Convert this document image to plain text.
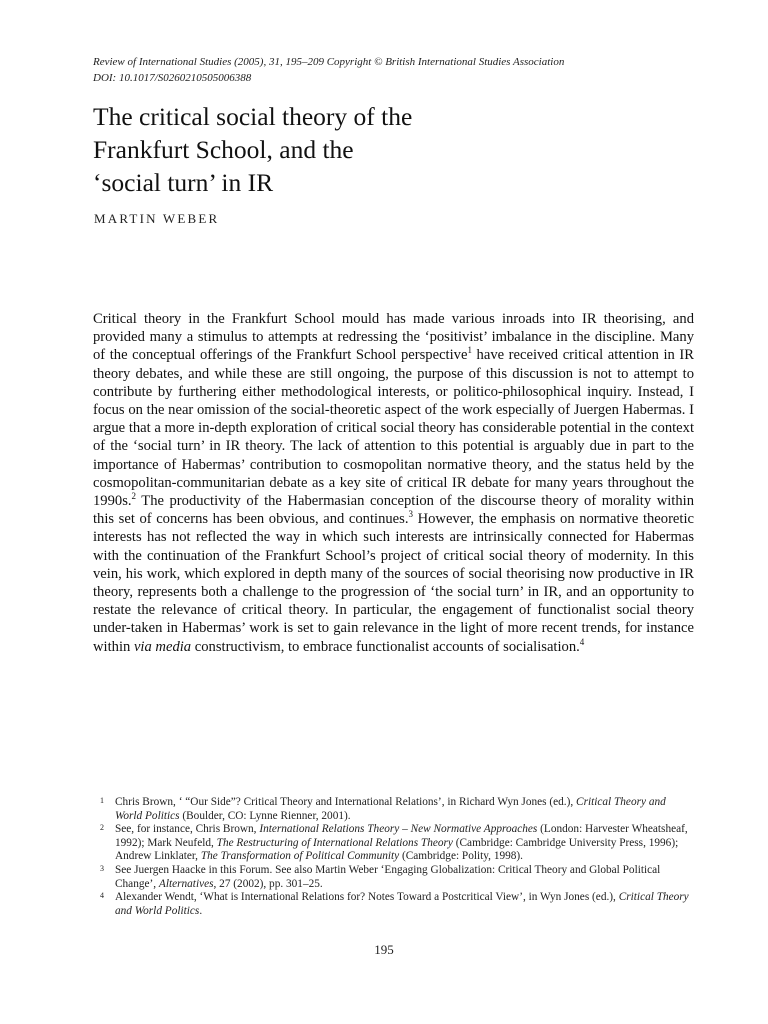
Review of International Studies (2005), 31, 195–209 Copyright © British International Studies Association
DOI: 10.1017/S0260210505006388
The critical social theory of the
Frankfurt School, and the
‘social turn’ in IR
MARTIN WEBER

Critical theory in the Frankfurt School mould has made various inroads into IR theorising, and provided many a stimulus to attempts at redressing the ‘positivist’ imbalance in the discipline. Many of the conceptual offerings of the Frankfurt School perspective$^1$ have received critical attention in IR theory debates, and while these are still ongoing, the purpose of this discussion is not to attempt to contribute by furthering either methodological interests, or politico-philosophical inquiry. Instead, I focus on the near omission of the social-theoretic aspect of the work especially of Juergen Habermas. I argue that a more in-depth exploration of critical social theory has considerable potential in the context of the ‘social turn’ in IR theory. The lack of attention to this potential is arguably due in part to the importance of Habermas’ contribution to cosmopolitan normative theory, and the status held by the cosmopolitan-communitarian debate as a key site of critical IR debate for many years throughout the 1990s.$^2$ The productivity of the Habermasian conception of the discourse theory of morality within this set of concerns has been obvious, and continues.$^3$ However, the emphasis on normative theoretic interests has not reflected the way in which such interests are intrinsically connected for Habermas with the continuation of the Frankfurt School’s project of critical social theory of modernity. In this vein, his work, which explored in depth many of the sources of social theorising now productive in IR theory, represents both a challenge to the progression of ‘the social turn’ in IR, and an opportunity to restate the relevance of critical theory. In particular, the engagement of functionalist social theory under-taken in Habermas’ work is set to gain relevance in the light of more recent trends, for instance within via media constructivism, to embrace functionalist accounts of socialisation.$^4$

1 Chris Brown, ‘ “Our Side”? Critical Theory and International Relations’, in Richard Wyn Jones (ed.), Critical Theory and World Politics (Boulder, CO: Lynne Rienner, 2001).

2 See, for instance, Chris Brown, International Relations Theory – New Normative Approaches (London: Harvester Wheatsheaf, 1992); Mark Neufeld, The Restructuring of International Relations Theory (Cambridge: Cambridge University Press, 1996); Andrew Linklater, The Transformation of Political Community (Cambridge: Polity, 1998).

3 See Juergen Haacke in this Forum. See also Martin Weber ‘Engaging Globalization: Critical Theory and Global Political Change’, Alternatives, 27 (2002), pp. 301–25.

4 Alexander Wendt, ‘What is International Relations for? Notes Toward a Postcritical View’, in Wyn Jones (ed.), Critical Theory and World Politics.

195
